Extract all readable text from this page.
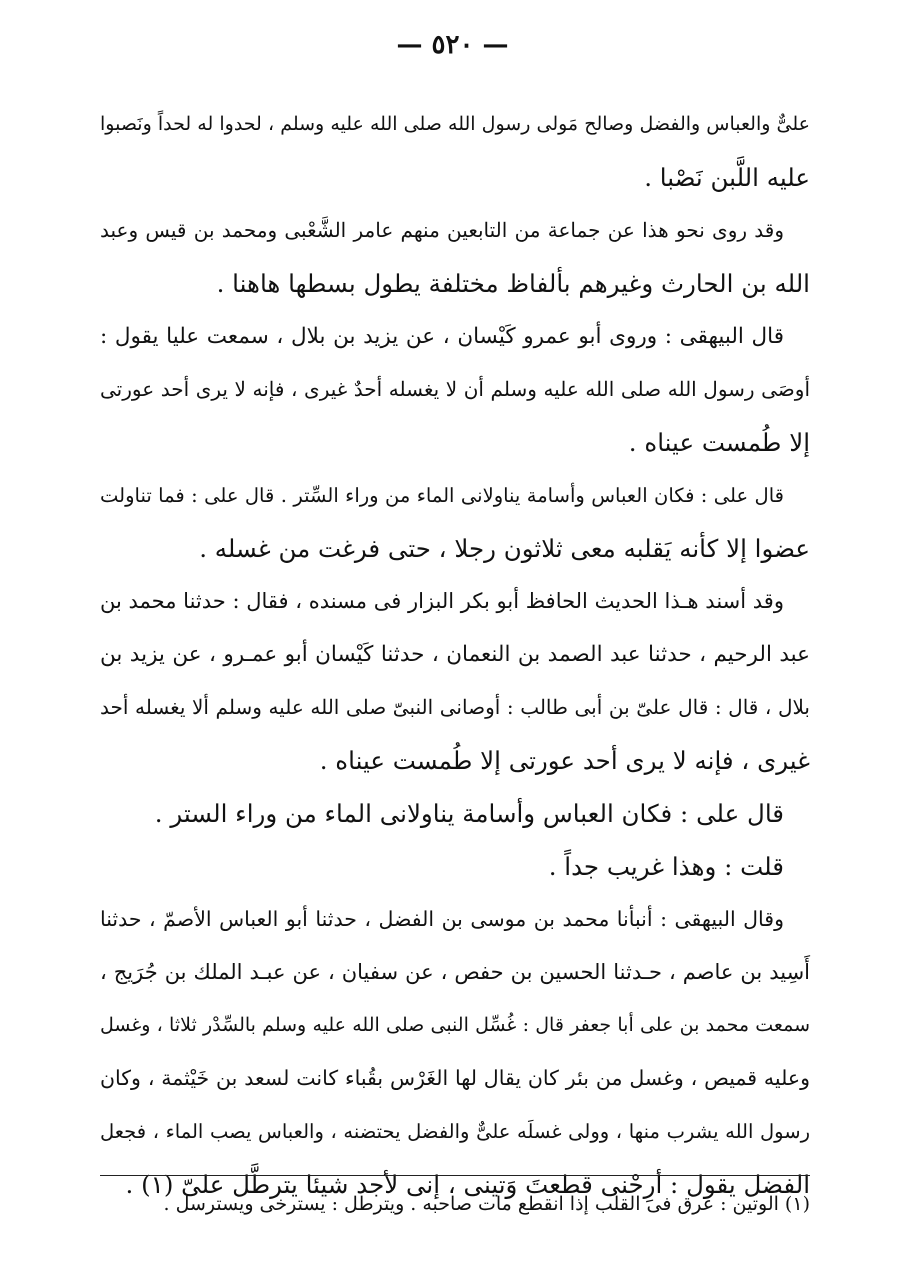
— ٥٢٠ —
علىٌّ والعباس والفضل وصالح مَولى رسول الله صلى الله عليه وسلم ، لحدوا له لحداً ونَصبوا
عليه اللَّبن نَصْبا .
وقد روى نحو هذا عن جماعة من التابعين منهم عامر الشَّعْبى ومحمد بن قيس وعبد
الله بن الحارث وغيرهم بألفاظ مختلفة يطول بسطها هاهنا .
قال البيهقى : وروى أبو عمرو كَيْسان ، عن يزيد بن بلال ، سمعت عليا يقول :
أوصَى رسول الله صلى الله عليه وسلم أن لا يغسله أحدٌ غيرى ، فإنه لا يرى أحد عورتى
إلا طُمست عيناه .
قال على : فكان العباس وأسامة يناولانى الماء من وراء السِّتر . قال على : فما تناولت
عضوا إلا كأنه يَقلبه معى ثلاثون رجلا ، حتى فرغت من غسله .
وقد أسند هـذا الحديث الحافظ أبو بكر البزار فى مسنده ، فقال : حدثنا محمد بن
عبد الرحيم ، حدثنا عبد الصمد بن النعمان ، حدثنا كَيْسان أبو عمـرو ، عن يزيد بن
بلال ، قال : قال علىّ بن أبى طالب : أوصانى النبىّ صلى الله عليه وسلم ألا يغسله أحد
غيرى ، فإنه لا يرى أحد عورتى إلا طُمست عيناه .
قال على : فكان العباس وأسامة يناولانى الماء من وراء الستر .
قلت : وهذا غريب جداً .
وقال البيهقى : أنبأنا محمد بن موسى بن الفضل ، حدثنا أبو العباس الأصمّ ، حدثنا
أَسِيد بن عاصم ، حـدثنا الحسين بن حفص ، عن سفيان ، عن عبـد الملك بن جُرَيج ،
سمعت محمد بن على أبا جعفر قال : غُسِّل النبى صلى الله عليه وسلم بالسِّدْر ثلاثا ، وغسل
وعليه قميص ، وغسل من بئر كان يقال لها الغَرْس بقُباء كانت لسعد بن خَيْثمة ، وكان
رسول الله يشرب منها ، وولى غسلَه علىٌّ والفضل يحتضنه ، والعباس يصب الماء ، فجعل
الفضل يقول : أرِحْنى قطعتَ وَتينى ، إنى لأجد شيئا يترطَّل علىّ (١) .
(١) الوتين : عرق فى القلب إذا انقطع مات صاحبه . ويترطل : يسترخى ويسترسل .
